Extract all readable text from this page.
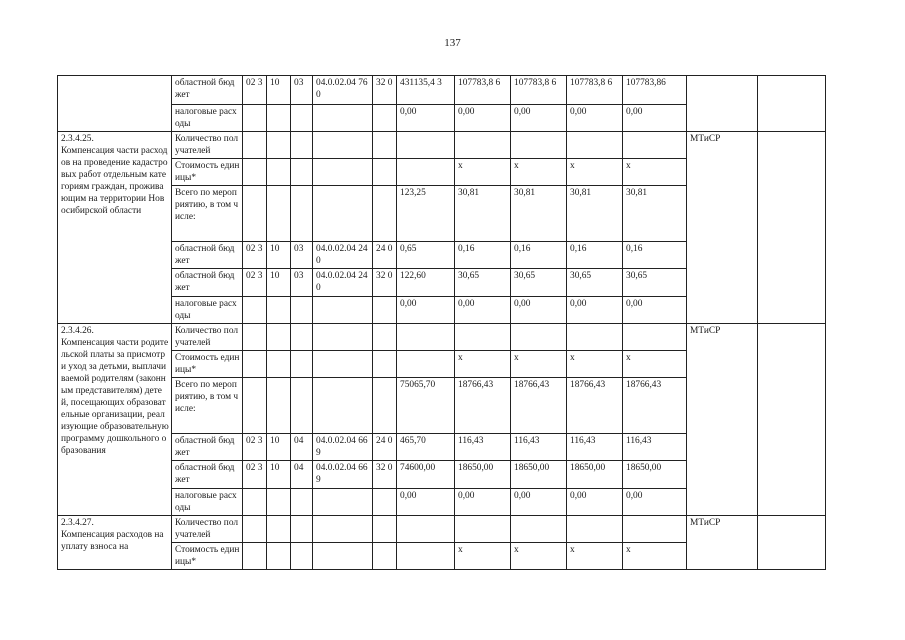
137
	областной бюджет	02 3	10	03	04.0.02.04 760	32 0	431135,4 3	107783,8 6	107783,8 6	107783,8 6	107783,86		
	налоговые расходы						0,00	0,00	0,00	0,00	0,00		

2.3.4.25.
Компенсация части расходов на проведение кадастровых работ отдельным категориям граждан, проживающим на территории Новосибирской области	Количество получателей											МТиСР	
	Стоимость единицы*							x	x	x	x		
	Всего по мероприятию, в том числе:						123,25	30,81	30,81	30,81	30,81		
	областной бюджет	02 3	10	03	04.0.02.04 240	24 0	0,65	0,16	0,16	0,16	0,16		
	областной бюджет	02 3	10	03	04.0.02.04 240	32 0	122,60	30,65	30,65	30,65	30,65		
	налоговые расходы						0,00	0,00	0,00	0,00	0,00		

2.3.4.26.
Компенсация части родительской платы за присмотр и уход за детьми, выплачиваемой родителям (законным представителям) детей, посещающих образовательные организации, реализующие образовательную программу дошкольного образования	Количество получателей											МТиСР	
	Стоимость единицы*							x	x	x	x		
	Всего по мероприятию, в том числе:						75065,70	18766,43	18766,43	18766,43	18766,43		
	областной бюджет	02 3	10	04	04.0.02.04 669	24 0	465,70	116,43	116,43	116,43	116,43		
	областной бюджет	02 3	10	04	04.0.02.04 669	32 0	74600,00	18650,00	18650,00	18650,00	18650,00		
	налоговые расходы						0,00	0,00	0,00	0,00	0,00		

2.3.4.27.
Компенсация расходов на уплату взноса на	Количество получателей											МТиСР	
	Стоимость единицы*							x	x	x	x		
